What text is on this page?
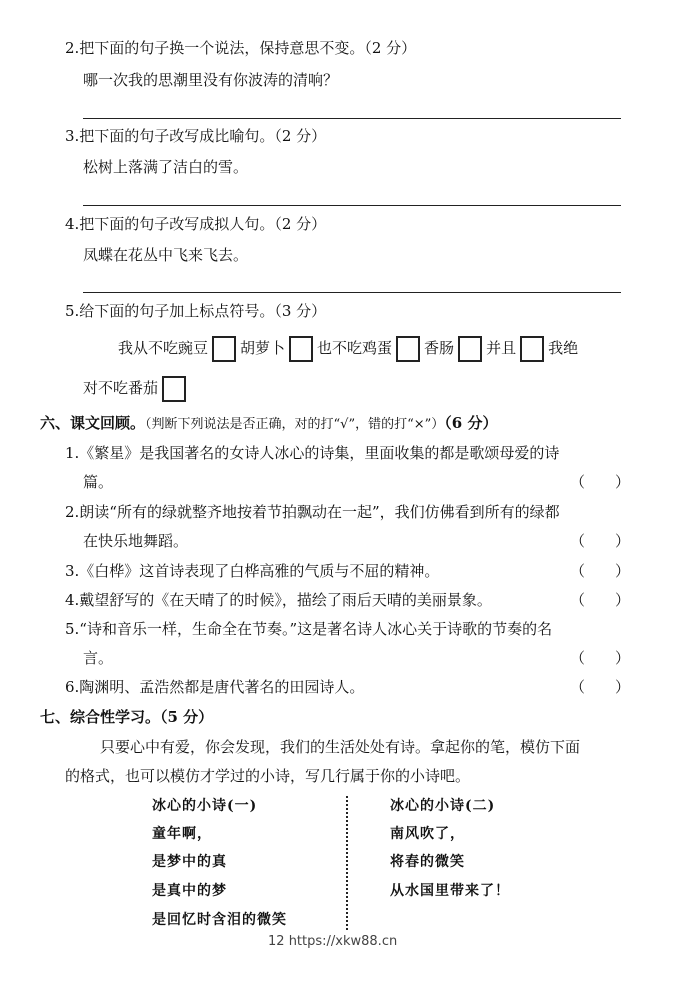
2.把下面的句子换一个说法，保持意思不变。（2 分）
哪一次我的思潮里没有你波涛的清响？
3.把下面的句子改写成比喻句。（2 分）
松树上落满了洁白的雪。
4.把下面的句子改写成拟人句。（2 分）
凤蝶在花丛中飞来飞去。
5.给下面的句子加上标点符号。（3 分）
我从不吃豌豆 胡萝卜 也不吃鸡蛋 香肠 并且 我绝
对不吃番茄
六、课文回顾。（判断下列说法是否正确，对的打“√”，错的打“×”）（6 分）
1.《繁星》是我国著名的女诗人冰心的诗集，里面收集的都是歌颂母爱的诗
篇。	（　　）
2.朗读“所有的绿就整齐地按着节拍飘动在一起”，我们仿佛看到所有的绿都
在快乐地舞蹈。	（　　）
3.《白桦》这首诗表现了白桦高雅的气质与不屈的精神。	（　　）
4.戴望舒写的《在天晴了的时候》，描绘了雨后天晴的美丽景象。	（　　）
5.“诗和音乐一样，生命全在节奏。”这是著名诗人冰心关于诗歌的节奏的名
言。	（　　）
6.陶渊明、孟浩然都是唐代著名的田园诗人。	（　　）
七、综合性学习。（5 分）
只要心中有爱，你会发现，我们的生活处处有诗。拿起你的笔，模仿下面
的格式，也可以模仿才学过的小诗，写几行属于你的小诗吧。
冰心的小诗(一)
童年啊，
是梦中的真
是真中的梦
是回忆时含泪的微笑
冰心的小诗(二)
南风吹了，
将春的微笑
从水国里带来了！
12 https://xkw88.cn
